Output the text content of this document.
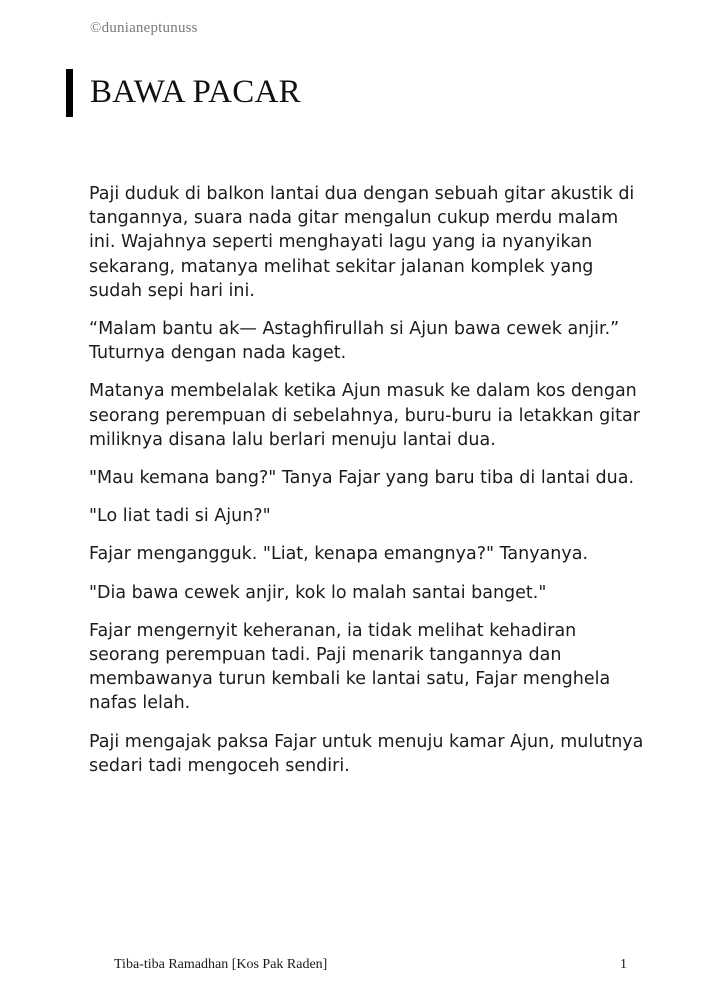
©dunianeptunuss
BAWA PACAR

Paji duduk di balkon lantai dua dengan sebuah gitar akustik di tangannya, suara nada gitar mengalun cukup merdu malam ini. Wajahnya seperti menghayati lagu yang ia nyanyikan sekarang, matanya melihat sekitar jalanan komplek yang sudah sepi hari ini.

“Malam bantu ak— Astaghfirullah si Ajun bawa cewek anjir.” Tuturnya dengan nada kaget.

Matanya membelalak ketika Ajun masuk ke dalam kos dengan seorang perempuan di sebelahnya, buru-buru ia letakkan gitar miliknya disana lalu berlari menuju lantai dua.

"Mau kemana bang?" Tanya Fajar yang baru tiba di lantai dua.

"Lo liat tadi si Ajun?"

Fajar mengangguk. "Liat, kenapa emangnya?" Tanyanya.

"Dia bawa cewek anjir, kok lo malah santai banget."

Fajar mengernyit keheranan, ia tidak melihat kehadiran seorang perempuan tadi. Paji menarik tangannya dan membawanya turun kembali ke lantai satu, Fajar menghela nafas lelah.

Paji mengajak paksa Fajar untuk menuju kamar Ajun, mulutnya sedari tadi mengoceh sendiri.

Tiba-tiba Ramadhan [Kos Pak Raden]	1
